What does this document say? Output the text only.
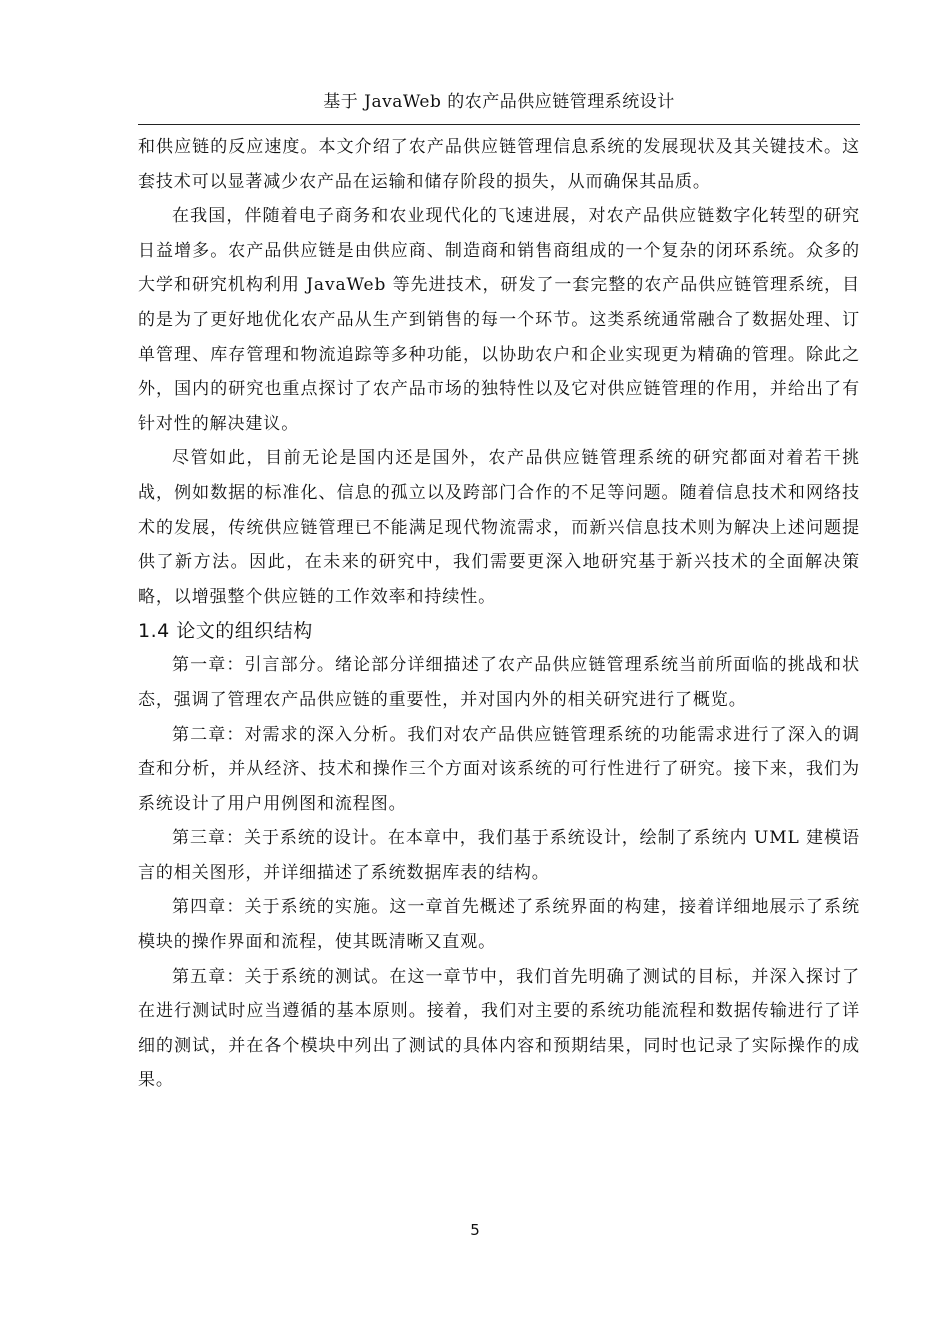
基于 JavaWeb 的农产品供应链管理系统设计

和供应链的反应速度。本文介绍了农产品供应链管理信息系统的发展现状及其关键技术。这套技术可以显著减少农产品在运输和储存阶段的损失，从而确保其品质。

在我国，伴随着电子商务和农业现代化的飞速进展，对农产品供应链数字化转型的研究日益增多。农产品供应链是由供应商、制造商和销售商组成的一个复杂的闭环系统。众多的大学和研究机构利用 JavaWeb 等先进技术，研发了一套完整的农产品供应链管理系统，目的是为了更好地优化农产品从生产到销售的每一个环节。这类系统通常融合了数据处理、订单管理、库存管理和物流追踪等多种功能，以协助农户和企业实现更为精确的管理。除此之外，国内的研究也重点探讨了农产品市场的独特性以及它对供应链管理的作用，并给出了有针对性的解决建议。

尽管如此，目前无论是国内还是国外，农产品供应链管理系统的研究都面对着若干挑战，例如数据的标准化、信息的孤立以及跨部门合作的不足等问题。随着信息技术和网络技术的发展，传统供应链管理已不能满足现代物流需求，而新兴信息技术则为解决上述问题提供了新方法。因此，在未来的研究中，我们需要更深入地研究基于新兴技术的全面解决策略，以增强整个供应链的工作效率和持续性。

1.4 论文的组织结构

第一章：引言部分。绪论部分详细描述了农产品供应链管理系统当前所面临的挑战和状态，强调了管理农产品供应链的重要性，并对国内外的相关研究进行了概览。

第二章：对需求的深入分析。我们对农产品供应链管理系统的功能需求进行了深入的调查和分析，并从经济、技术和操作三个方面对该系统的可行性进行了研究。接下来，我们为系统设计了用户用例图和流程图。

第三章：关于系统的设计。在本章中，我们基于系统设计，绘制了系统内 UML 建模语言的相关图形，并详细描述了系统数据库表的结构。

第四章：关于系统的实施。这一章首先概述了系统界面的构建，接着详细地展示了系统模块的操作界面和流程，使其既清晰又直观。

第五章：关于系统的测试。在这一章节中，我们首先明确了测试的目标，并深入探讨了在进行测试时应当遵循的基本原则。接着，我们对主要的系统功能流程和数据传输进行了详细的测试，并在各个模块中列出了测试的具体内容和预期结果，同时也记录了实际操作的成果。

5
